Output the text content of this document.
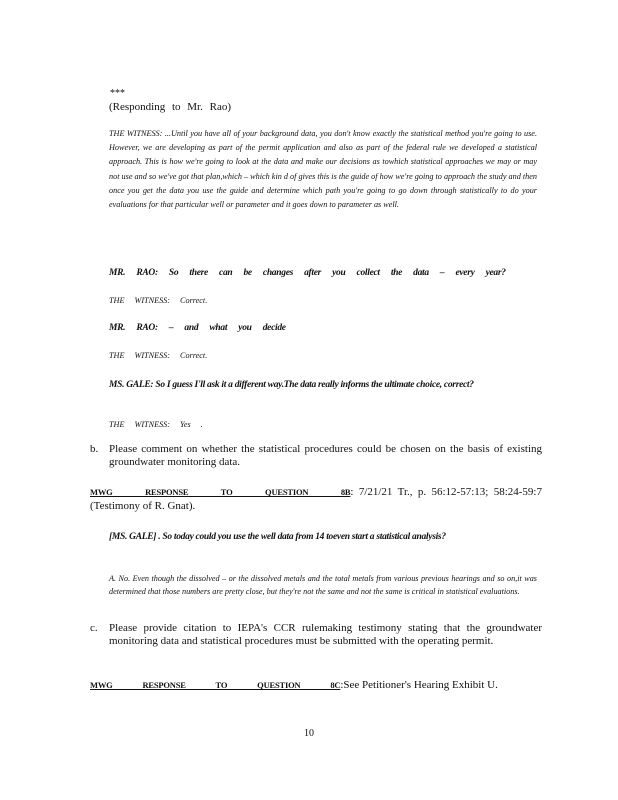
***
(Responding to Mr. Rao)
THE WITNESS: ...Until you have all of your background data, you don't know exactly the statistical method you're going to use. However, we are developing as part of the permit application and also as part of the federal rule we developed a statistical approach. This is how we're going to look at the data and make our decisions as towhich statistical approaches we may or may not use and so we've got that plan,which – which kin d of gives this is the guide of how we're going to approach the study and then once you get the data you use the guide and determine which path you're going to go down through statistically to do your evaluations for that particular well or parameter and it goes down to parameter as well.
MR. RAO: So there can be changes after you collect the data – every year?
THE WITNESS: Correct.
MR. RAO: – and what you decide
THE WITNESS: Correct.
MS. GALE: So I guess I'll ask it a different way.The data really informs the ultimate choice, correct?
THE WITNESS: Yes .
b. Please comment on whether the statistical procedures could be chosen on the basis of existing groundwater monitoring data.
MWG RESPONSE TO QUESTION 8B: 7/21/21 Tr., p. 56:12-57:13; 58:24-59:7 (Testimony of R. Gnat).
[MS. GALE] . So today could you use the well data from 14 toeven start a statistical analysis?
A. No. Even though the dissolved – or the dissolved metals and the total metals from various previous hearings and so on,it was determined that those numbers are pretty close, but they're not the same and not the same is critical in statistical evaluations.
c. Please provide citation to IEPA's CCR rulemaking testimony stating that the groundwater monitoring data and statistical procedures must be submitted with the operating permit.
MWG RESPONSE TO QUESTION 8C:See Petitioner's Hearing Exhibit U.
10
